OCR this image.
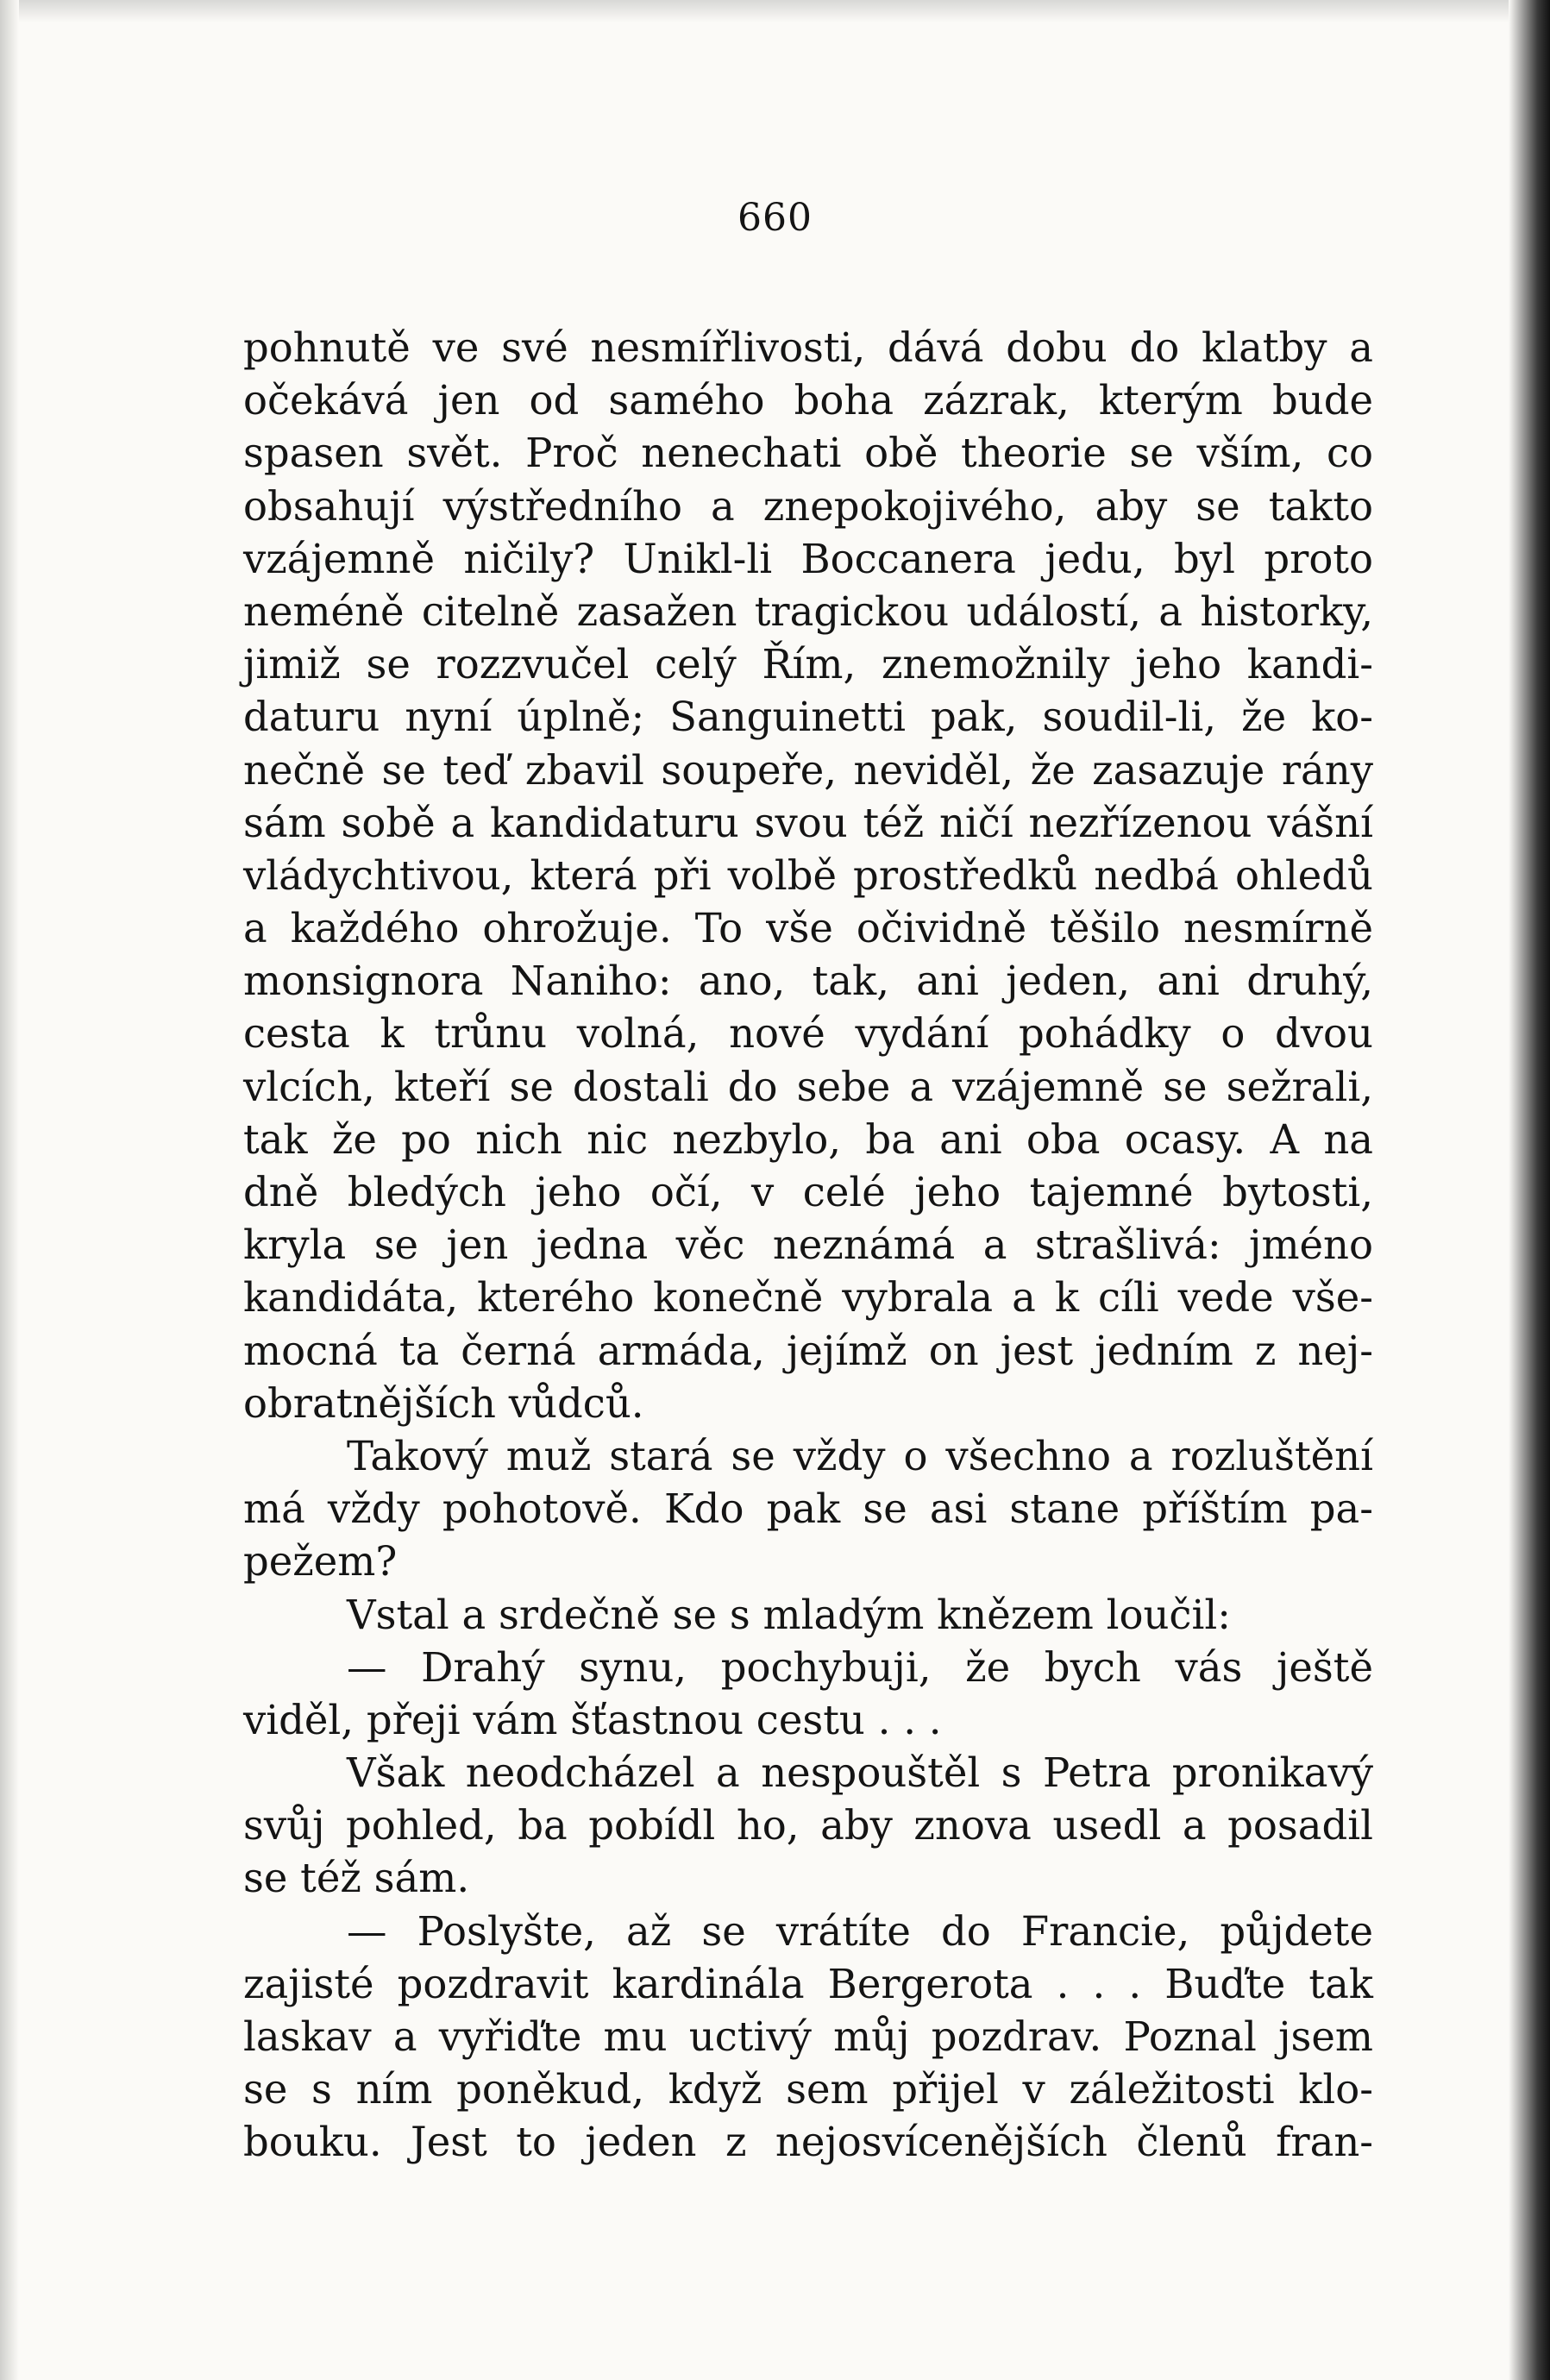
660
pohnutě ve své nesmířlivosti, dává dobu do klatby a
očekává jen od samého boha zázrak, kterým bude
spasen svět. Proč nenechati obě theorie se vším, co
obsahují výstředního a znepokojivého, aby se takto
vzájemně ničily? Unikl-li Boccanera jedu, byl proto
neméně citelně zasažen tragickou událostí, a historky,
jimiž se rozzvučel celý Řím, znemožnily jeho kandi-
daturu nyní úplně; Sanguinetti pak, soudil-li, že ko-
nečně se teď zbavil soupeře, neviděl, že zasazuje rány
sám sobě a kandidaturu svou též ničí nezřízenou vášní
vládychtivou, která při volbě prostředků nedbá ohledů
a každého ohrožuje. To vše očividně těšilo nesmírně
monsignora Naniho: ano, tak, ani jeden, ani druhý,
cesta k trůnu volná, nové vydání pohádky o dvou
vlcích, kteří se dostali do sebe a vzájemně se sežrali,
tak že po nich nic nezbylo, ba ani oba ocasy. A na
dně bledých jeho očí, v celé jeho tajemné bytosti,
kryla se jen jedna věc neznámá a strašlivá: jméno
kandidáta, kterého konečně vybrala a k cíli vede vše-
mocná ta černá armáda, jejímž on jest jedním z nej-
obratnějších vůdců.
Takový muž stará se vždy o všechno a rozluštění
má vždy pohotově. Kdo pak se asi stane příštím pa-
pežem?
Vstal a srdečně se s mladým knězem loučil:
— Drahý synu, pochybuji, že bych vás ještě
viděl, přeji vám šťastnou cestu . . .
Však neodcházel a nespouštěl s Petra pronikavý
svůj pohled, ba pobídl ho, aby znova usedl a posadil
se též sám.
— Poslyšte, až se vrátíte do Francie, půjdete
zajisté pozdravit kardinála Bergerota . . . Buďte tak
laskav a vyřiďte mu uctivý můj pozdrav. Poznal jsem
se s ním poněkud, když sem přijel v záležitosti klo-
bouku. Jest to jeden z nejosvícenějších členů fran-
